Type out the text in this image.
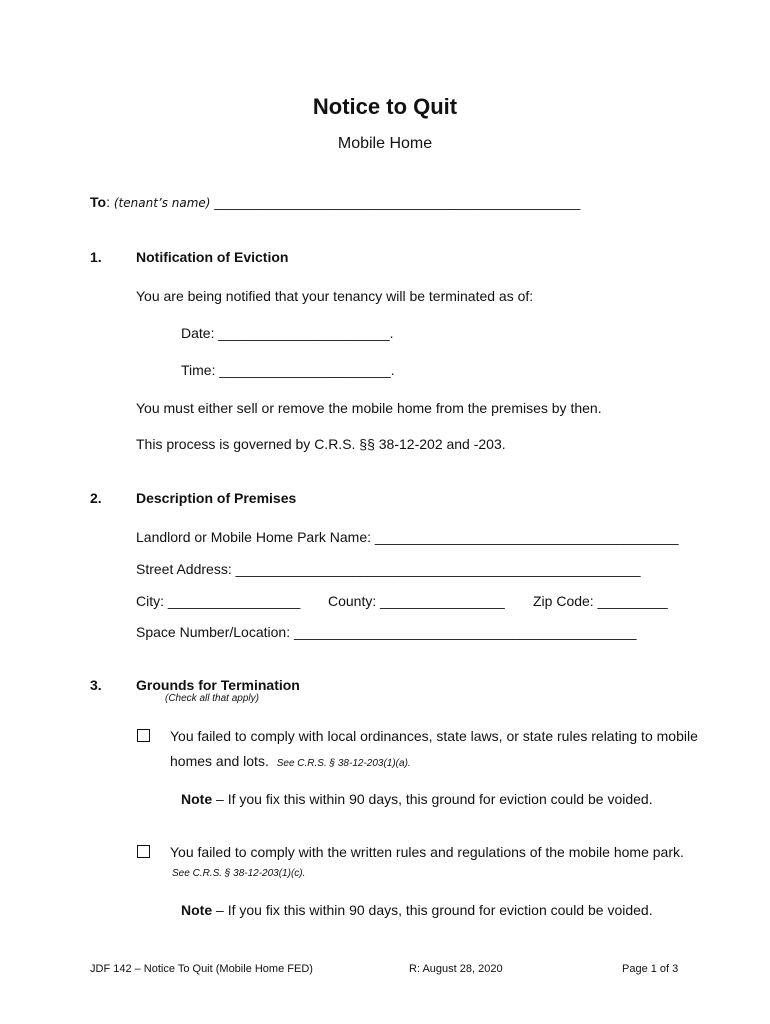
Notice to Quit
Mobile Home
To: (tenant’s name) _______________________________________________
1. Notification of Eviction
You are being notified that your tenancy will be terminated as of:
Date: ______________________.
Time: ______________________.
You must either sell or remove the mobile home from the premises by then.
This process is governed by C.R.S. §§ 38-12-202 and -203.
2. Description of Premises
Landlord or Mobile Home Park Name: _______________________________________
Street Address: ____________________________________________________
City: _________________ County: ________________ Zip Code: _________
Space Number/Location: ____________________________________________
3. Grounds for Termination
(Check all that apply)
You failed to comply with local ordinances, state laws, or state rules relating to mobile
homes and lots. See C.R.S. § 38-12-203(1)(a).
Note – If you fix this within 90 days, this ground for eviction could be voided.
You failed to comply with the written rules and regulations of the mobile home park.
See C.R.S. § 38-12-203(1)(c).
Note – If you fix this within 90 days, this ground for eviction could be voided.
JDF 142 – Notice To Quit (Mobile Home FED)	R: August 28, 2020	Page 1 of 3
